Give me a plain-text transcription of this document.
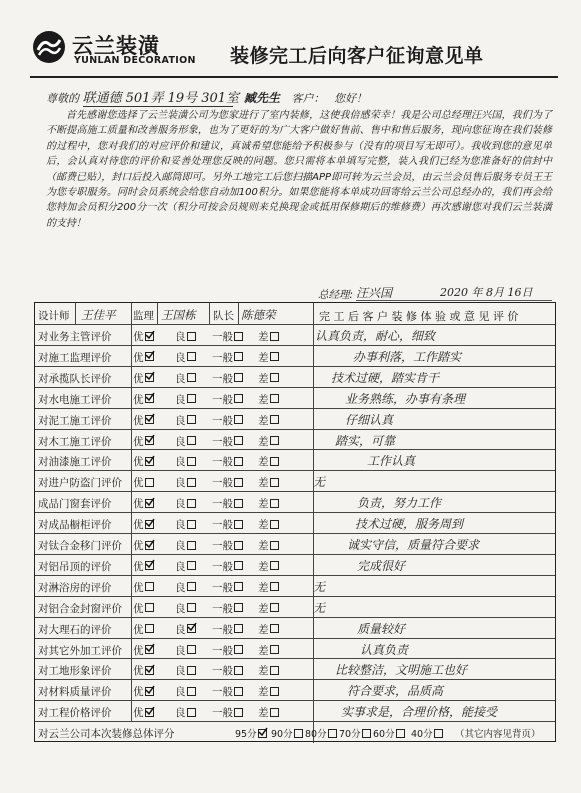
云兰装潢
YUNLAN DECORATION 装修完工后向客户征询意见单
尊敬的 联通德 501弄 19号 301室 臧先生 客户： 您好！
首先感谢您选择了云兰装潢公司为您家进行了室内装修，这使我倍感荣幸！我是公司总经理汪兴国，我们为了不断提高施工质量和改善服务形象，也为了更好的为广大客户做好售前、售中和售后服务，现向您征询在我们装修的过程中，您对我们的对应评价和建议，真诚希望您能给予积极参与（没有的项目写无即可）。我收到您的意见单后，会认真对待您的评价和妥善处理您反映的问题。您只需将本单填写完整，装入我们已经为您准备好的信封中（邮费已贴），封口后投入邮筒即可。另外工地完工后您扫描APP即可转为云兰会员，由云兰会员售后服务专员王王为您专职服务。同时会员系统会给您自动加100积分。如果您能将本单成功回寄给云兰公司总经办的，我们再会给您特加会员积分200分一次（积分可按会员规则来兑换现金或抵用保修期后的维修费）再次感谢您对我们云兰装潢的支持！
总经理: 汪兴国	2020 年 8月 16日
设计师 王佳平 监理 王国栋 队长 陈德荣	完 工 后 客 户 装 修 体 验 或 意 见 评 价
对业务主管评价 优	良	一般	差	认真负责，耐心，细致
对施工监理评价 优	良	一般	差	办事利落，工作踏实
对承揽队长评价 优	良	一般	差	技术过硬，踏实肯干
对水电施工评价 优	良	一般	差	业务熟练，办事有条理
对泥工施工评价 优	良	一般	差	仔细认真
对木工施工评价 优	良	一般	差	踏实，可靠
对油漆施工评价 优	良	一般	差	工作认真
对进户防盗门评价 优	良	一般	差	无
成品门窗套评价 优	良	一般	差	负责，努力工作
对成品橱柜评价 优	良	一般	差	技术过硬，服务周到
对钛合金移门评价 优	良	一般	差	诚实守信，质量符合要求
对铝吊顶的评价 优	良	一般	差	完成很好
对淋浴房的评价 优	良	一般	差	无
对铝合金封窗评价 优	良	一般	差	无
对大理石的评价 优	良	一般	差	质量较好
对其它外加工评价 优	良	一般	差	认真负责
对工地形象评价 优	良	一般	差	比较整洁，文明施工也好
对材料质量评价 优	良	一般	差	符合要求，品质高
对工程价格评价 优	良	一般	差	实事求是，合理价格，能接受
对云兰公司本次装修总体评分	95分	90分	80分	70分	60分	40分	（其它内容见背页）
